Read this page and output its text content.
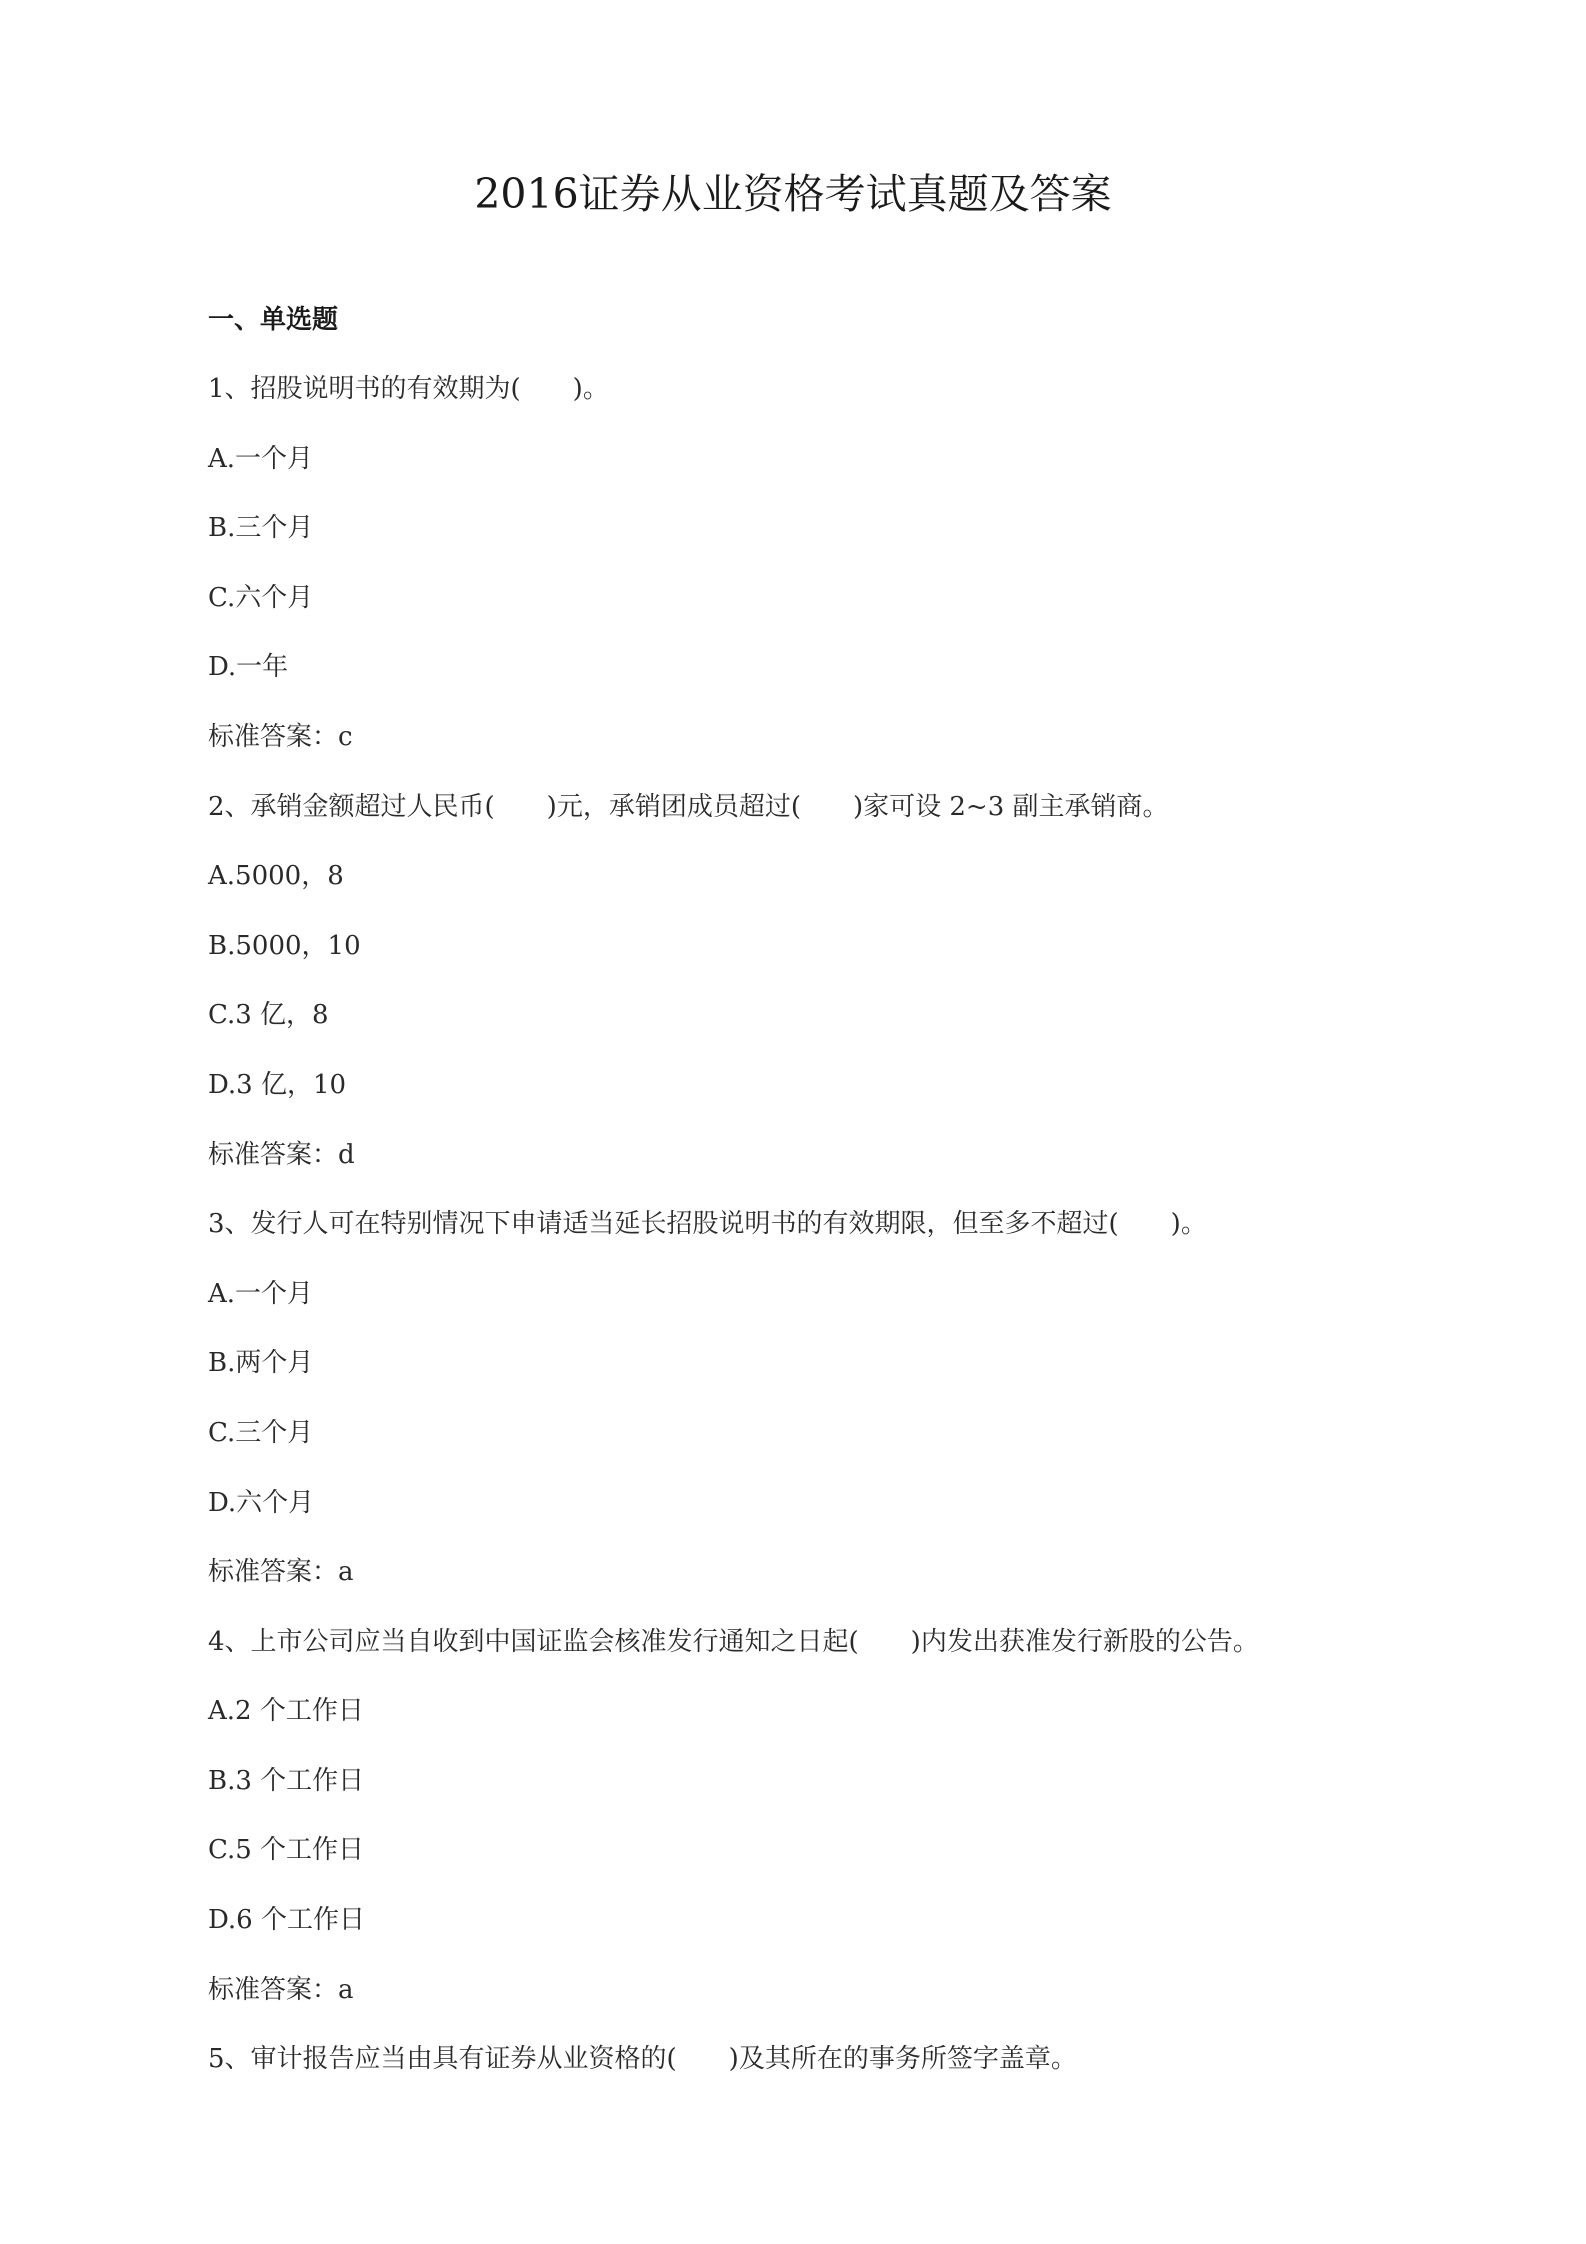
2016证券从业资格考试真题及答案
一、单选题
1、招股说明书的有效期为(　　)。
A.一个月
B.三个月
C.六个月
D.一年
标准答案：c
2、承销金额超过人民币(　　)元，承销团成员超过(　　)家可设 2~3 副主承销商。
A.5000，8
B.5000，10
C.3 亿，8
D.3 亿，10
标准答案：d
3、发行人可在特别情况下申请适当延长招股说明书的有效期限，但至多不超过(　　)。
A.一个月
B.两个月
C.三个月
D.六个月
标准答案：a
4、上市公司应当自收到中国证监会核准发行通知之日起(　　)内发出获准发行新股的公告。
A.2 个工作日
B.3 个工作日
C.5 个工作日
D.6 个工作日
标准答案：a
5、审计报告应当由具有证券从业资格的(　　)及其所在的事务所签字盖章。
